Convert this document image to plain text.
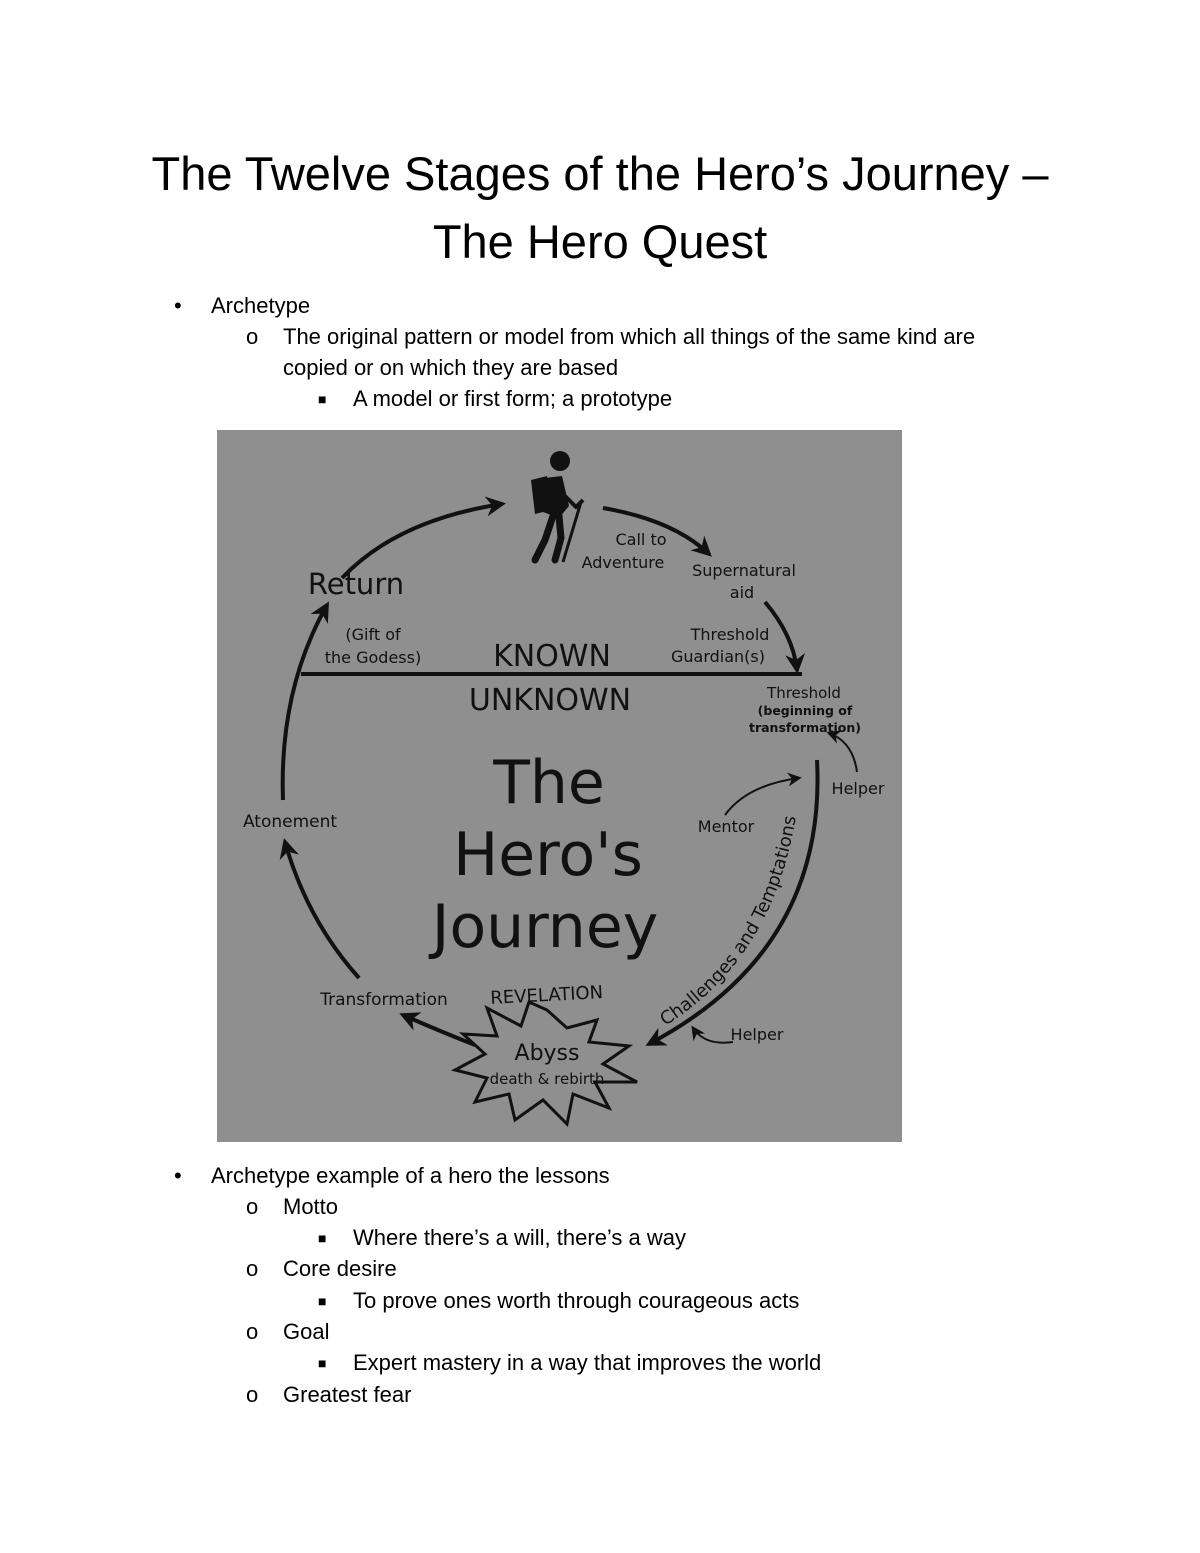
The Twelve Stages of the Hero’s Journey –
The Hero Quest
• Archetype
o The original pattern or model from which all things of the same kind are
copied or on which they are based
■ A model or first form; a prototype
Call to
Adventure Supernatural
aid
Threshold
Guardian(s)
Return
(Gift of
the Godess) KNOWN
UNKNOWN	Threshold
(beginning of
transformation)
Helper
Mentor
Atonement
The
Hero's
Journey
Challenges and Temptations
Transformation REVELATION
Helper
Abyss
death & rebirth
• Archetype example of a hero the lessons
o Motto
■ Where there’s a will, there’s a way
o Core desire
■ To prove ones worth through courageous acts
o Goal
■ Expert mastery in a way that improves the world
o Greatest fear
